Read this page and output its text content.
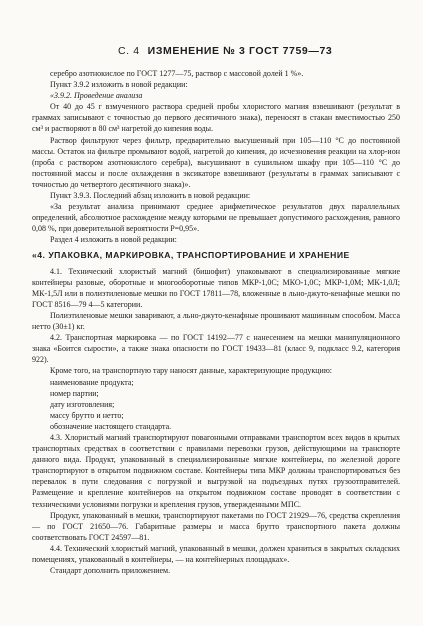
С. 4 ИЗМЕНЕНИЕ № 3 ГОСТ 7759—73

серебро азотнокислое по ГОСТ 1277—75, раствор с массовой долей 1 %».

Пункт 3.9.2 изложить в новой редакции:

«3.9.2. Проведение анализа

От 40 до 45 г взмученного раствора средней пробы хлористого магния взвешивают (результат в граммах записывают с точностью до первого десятичного знака), переносят в стакан вместимостью 250 см³ и растворяют в 80 см³ нагретой до кипения воды.

Раствор фильтруют через фильтр, предварительно высушенный при 105—110 °С до постоянной массы. Остаток на фильтре промывают водой, нагретой до кипения, до исчезновения реакции на хлор-ион (проба с раствором азотнокислого серебра), высушивают в сушильном шкафу при 105—110 °С до постоянной массы и после охлаждения в эксикаторе взвешивают (результаты в граммах записывают с точностью до четвертого десятичного знака)».

Пункт 3.9.3. Последний абзац изложить в новой редакции:

«За результат анализа принимают среднее арифметическое результатов двух параллельных определений, абсолютное расхождение между которыми не превышает допустимого расхождения, равного 0,08 %, при доверительной вероятности Р=0,95».

Раздел 4 изложить в новой редакции:

«4. УПАКОВКА, МАРКИРОВКА, ТРАНСПОРТИРОВАНИЕ И ХРАНЕНИЕ

4.1. Технический хлористый магний (бишофит) упаковывают в специализированные мягкие контейнеры разовые, оборотные и многооборотные типов МКР-1,0С; МКО-1,0С; МКР-1,0М; МК-1,0Л; МК-1,5Л или в полиэтиленовые мешки по ГОСТ 17811—78, вложенные в льно-джуто-кенафные мешки по ГОСТ 8516—79 4—5 категории.

Полиэтиленовые мешки заваривают, а льно-джуто-кенафные прошивают машинным способом. Масса нетто (30±1) кг.

4.2. Транспортная маркировка — по ГОСТ 14192—77 с нанесением на мешки манипуляционного знака «Боится сырости», а также знака опасности по ГОСТ 19433—81 (класс 9, подкласс 9.2, категория 922).

Кроме того, на транспортную тару наносят данные, характеризующие продукцию:

наименование продукта;

номер партии;

дату изготовления;

массу брутто и нетто;

обозначение настоящего стандарта.

4.3. Хлористый магний транспортируют повагонными отправками транспортом всех видов в крытых транспортных средствах в соответствии с правилами перевозки грузов, действующими на транспорте данного вида. Продукт, упакованный в специализированные мягкие контейнеры, по железной дороге транспортируют в открытом подвижном составе. Контейнеры типа МКР должны транспортироваться без перевалок в пути следования с погрузкой и выгрузкой на подъездных путях грузоотправителей. Размещение и крепление контейнеров на открытом подвижном составе проводят в соответствии с техническими условиями погрузки и крепления грузов, утвержденными МПС.

Продукт, упакованный в мешки, транспортируют пакетами по ГОСТ 21929—76, средства скрепления — по ГОСТ 21650—76. Габаритные размеры и масса брутто транспортного пакета должны соответствовать ГОСТ 24597—81.

4.4. Технический хлористый магний, упакованный в мешки, должен храниться в закрытых складских помещениях, упакованный в контейнеры, — на контейнерных площадках».

Стандарт дополнить приложением.
